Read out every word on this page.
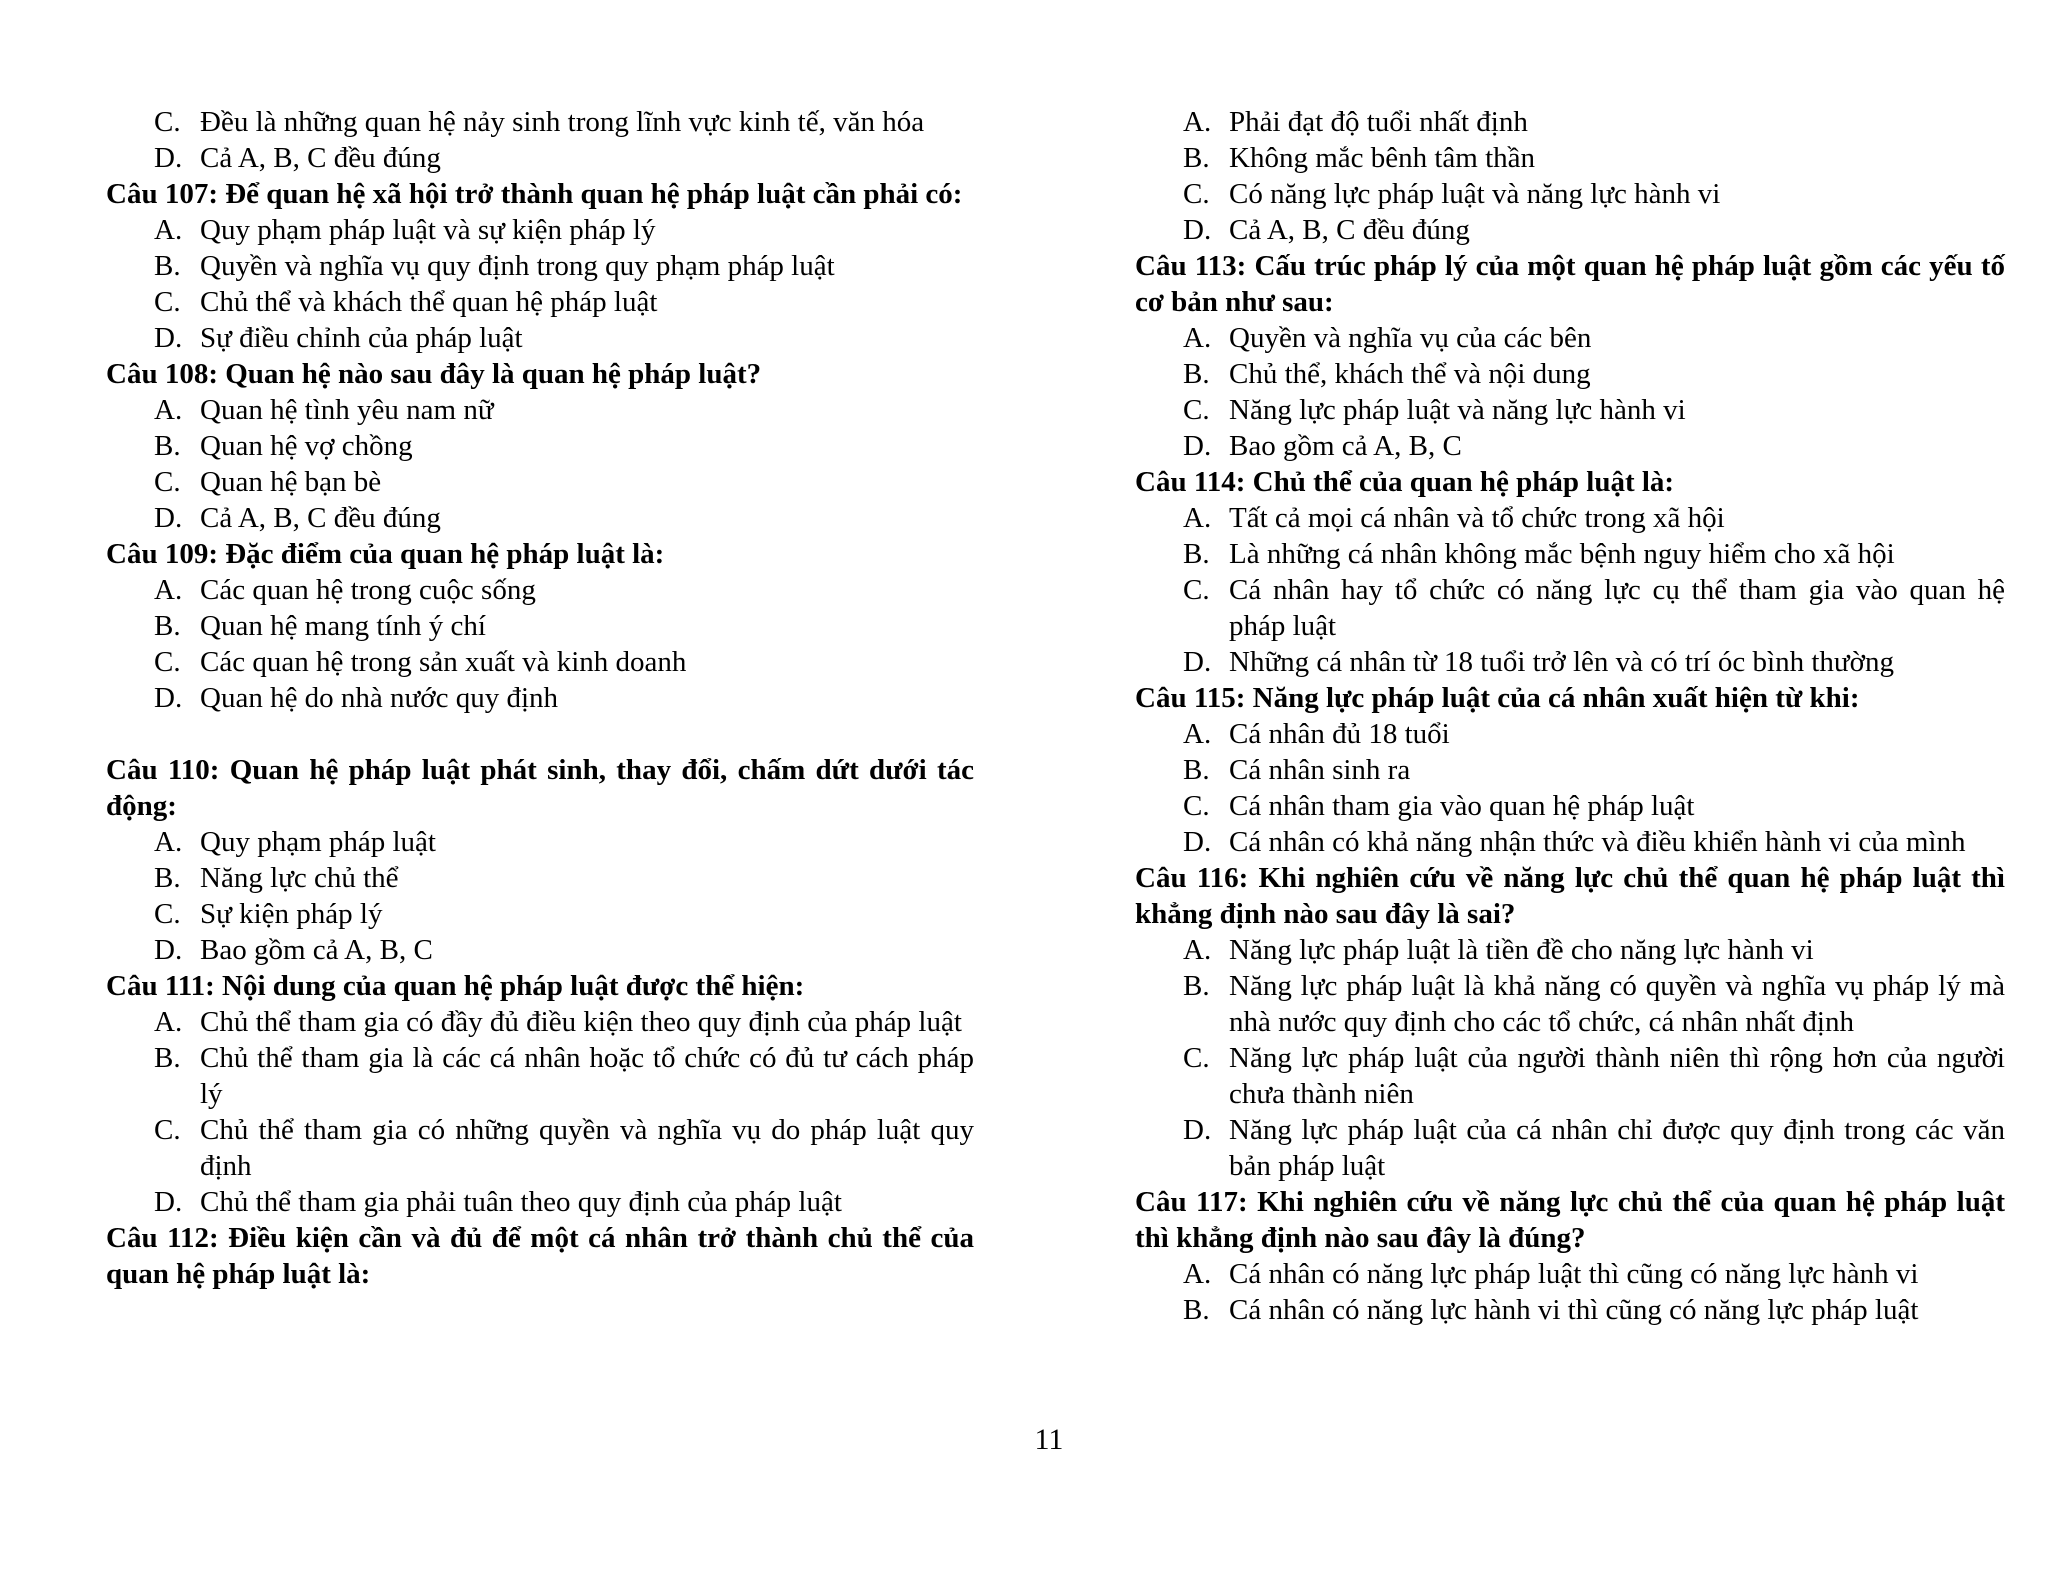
C. Đều là những quan hệ nảy sinh trong lĩnh vực kinh tế, văn hóa
D. Cả A, B, C đều đúng
Câu 107: Để quan hệ xã hội trở thành quan hệ pháp luật cần phải có:
A. Quy phạm pháp luật và sự kiện pháp lý
B. Quyền và nghĩa vụ quy định trong quy phạm pháp luật
C. Chủ thể và khách thể quan hệ pháp luật
D. Sự điều chỉnh của pháp luật
Câu 108: Quan hệ nào sau đây là quan hệ pháp luật?
A. Quan hệ tình yêu nam nữ
B. Quan hệ vợ chồng
C. Quan hệ bạn bè
D. Cả A, B, C đều đúng
Câu 109: Đặc điểm của quan hệ pháp luật là:
A. Các quan hệ trong cuộc sống
B. Quan hệ mang tính ý chí
C. Các quan hệ trong sản xuất và kinh doanh
D. Quan hệ do nhà nước quy định
Câu 110: Quan hệ pháp luật phát sinh, thay đổi, chấm dứt dưới tác động:
A. Quy phạm pháp luật
B. Năng lực chủ thể
C. Sự kiện pháp lý
D. Bao gồm cả A, B, C
Câu 111: Nội dung của quan hệ pháp luật được thể hiện:
A. Chủ thể tham gia có đầy đủ điều kiện theo quy định của pháp luật
B. Chủ thể tham gia là các cá nhân hoặc tổ chức có đủ tư cách pháp lý
C. Chủ thể tham gia có những quyền và nghĩa vụ do pháp luật quy định
D. Chủ thể tham gia phải tuân theo quy định của pháp luật
Câu 112: Điều kiện cần và đủ để một cá nhân trở thành chủ thể của quan hệ pháp luật là:
A. Phải đạt độ tuổi nhất định
B. Không mắc bênh tâm thần
C. Có năng lực pháp luật và năng lực hành vi
D. Cả A, B, C đều đúng
Câu 113: Cấu trúc pháp lý của một quan hệ pháp luật gồm các yếu tố cơ bản như sau:
A. Quyền và nghĩa vụ của các bên
B. Chủ thể, khách thể và nội dung
C. Năng lực pháp luật và năng lực hành vi
D. Bao gồm cả A, B, C
Câu 114: Chủ thể của quan hệ pháp luật là:
A. Tất cả mọi cá nhân và tổ chức trong xã hội
B. Là những cá nhân không mắc bệnh nguy hiểm cho xã hội
C. Cá nhân hay tổ chức có năng lực cụ thể tham gia vào quan hệ pháp luật
D. Những cá nhân từ 18 tuổi trở lên và có trí óc bình thường
Câu 115: Năng lực pháp luật của cá nhân xuất hiện từ khi:
A. Cá nhân đủ 18 tuổi
B. Cá nhân sinh ra
C. Cá nhân tham gia vào quan hệ pháp luật
D. Cá nhân có khả năng nhận thức và điều khiển hành vi của mình
Câu 116: Khi nghiên cứu về năng lực chủ thể quan hệ pháp luật thì khẳng định nào sau đây là sai?
A. Năng lực pháp luật là tiền đề cho năng lực hành vi
B. Năng lực pháp luật là khả năng có quyền và nghĩa vụ pháp lý mà nhà nước quy định cho các tổ chức, cá nhân nhất định
C. Năng lực pháp luật của người thành niên thì rộng hơn của người chưa thành niên
D. Năng lực pháp luật của cá nhân chỉ được quy định trong các văn bản pháp luật
Câu 117: Khi nghiên cứu về năng lực chủ thể của quan hệ pháp luật thì khẳng định nào sau đây là đúng?
A. Cá nhân có năng lực pháp luật thì cũng có năng lực hành vi
B. Cá nhân có năng lực hành vi thì cũng có năng lực pháp luật
11
